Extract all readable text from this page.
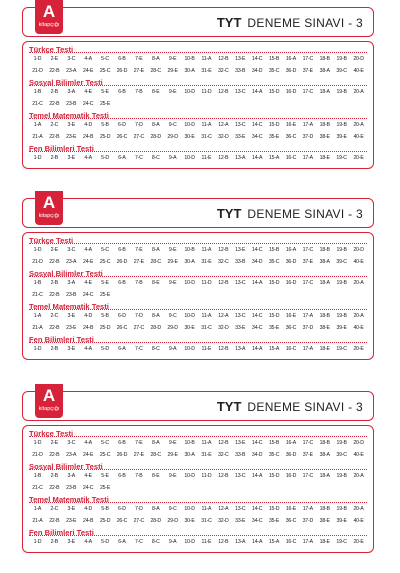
A
kitapçığı	TYT DENEME SINAVI - 3
Türkçe Testi
1-D	2-E	3-C	4-A	5-C	6-B	7-E	8-A	9-E	10-B	11-A	12-B	13-E	14-C	15-B	16-A	17-C	18-B	19-B	20-D
21-D	22-B	23-A	24-E	25-C	26-D	27-E	28-C	29-E	30-A	31-E	32-C	33-B	34-D	35-C	36-D	37-E	38-A	39-C	40-E
Sosyal Bilimler Testi
1-B	2-B	3-A	4-E	5-E	6-B	7-B	8-E	9-E	10-D	11-D	12-B	13-C	14-A	15-D	16-D	17-C	18-A	19-B	20-A
21-C	22-B	23-B	24-C	25-E
Temel Matematik Testi
1-A	2-C	3-E	4-D	5-B	6-D	7-D	8-A	9-C	10-D	11-A	12-A	13-C	14-C	15-D	16-E	17-A	18-B	19-B	20-A
21-A	22-B	23-E	24-B	25-D	26-C	27-C	28-D	29-D	30-E	31-C	32-D	33-E	34-C	35-E	36-C	37-D	38-E	39-E	40-E
Fen Bilimleri Testi
1-D	2-B	3-E	4-A	5-D	6-A	7-C	8-C	9-A	10-D	11-E	12-B	13-A	14-A	15-A	16-C	17-A	18-E	19-C	20-E
A
kitapçığı	TYT DENEME SINAVI - 3
Türkçe Testi
1-D	2-E	3-C	4-A	5-C	6-B	7-E	8-A	9-E	10-B	11-A	12-B	13-E	14-C	15-B	16-A	17-C	18-B	19-B	20-D
21-D	22-B	23-A	24-E	25-C	26-D	27-E	28-C	29-E	30-A	31-E	32-C	33-B	34-D	35-C	36-D	37-E	38-A	39-C	40-E
Sosyal Bilimler Testi
1-B	2-B	3-A	4-E	5-E	6-B	7-B	8-E	9-E	10-D	11-D	12-B	13-C	14-A	15-D	16-D	17-C	18-A	19-B	20-A
21-C	22-B	23-B	24-C	25-E
Temel Matematik Testi
1-A	2-C	3-E	4-D	5-B	6-D	7-D	8-A	9-C	10-D	11-A	12-A	13-C	14-C	15-D	16-E	17-A	18-B	19-B	20-A
21-A	22-B	23-E	24-B	25-D	26-C	27-C	28-D	29-D	30-E	31-C	32-D	33-E	34-C	35-E	36-C	37-D	38-E	39-E	40-E
Fen Bilimleri Testi
1-D	2-B	3-E	4-A	5-D	6-A	7-C	8-C	9-A	10-D	11-E	12-B	13-A	14-A	15-A	16-C	17-A	18-E	19-C	20-E
A
kitapçığı	TYT DENEME SINAVI - 3
Türkçe Testi
1-D	2-E	3-C	4-A	5-C	6-B	7-E	8-A	9-E	10-B	11-A	12-B	13-E	14-C	15-B	16-A	17-C	18-B	19-B	20-D
21-D	22-B	23-A	24-E	25-C	26-D	27-E	28-C	29-E	30-A	31-E	32-C	33-B	34-D	35-C	36-D	37-E	38-A	39-C	40-E
Sosyal Bilimler Testi
1-B	2-B	3-A	4-E	5-E	6-B	7-B	8-E	9-E	10-D	11-D	12-B	13-C	14-A	15-D	16-D	17-C	18-A	19-B	20-A
21-C	22-B	23-B	24-C	25-E
Temel Matematik Testi
1-A	2-C	3-E	4-D	5-B	6-D	7-D	8-A	9-C	10-D	11-A	12-A	13-C	14-C	15-D	16-E	17-A	18-B	19-B	20-A
21-A	22-B	23-E	24-B	25-D	26-C	27-C	28-D	29-D	30-E	31-C	32-D	33-E	34-C	35-E	36-C	37-D	38-E	39-E	40-E
Fen Bilimleri Testi
1-D	2-B	3-E	4-A	5-D	6-A	7-C	8-C	9-A	10-D	11-E	12-B	13-A	14-A	15-A	16-C	17-A	18-E	19-C	20-E
